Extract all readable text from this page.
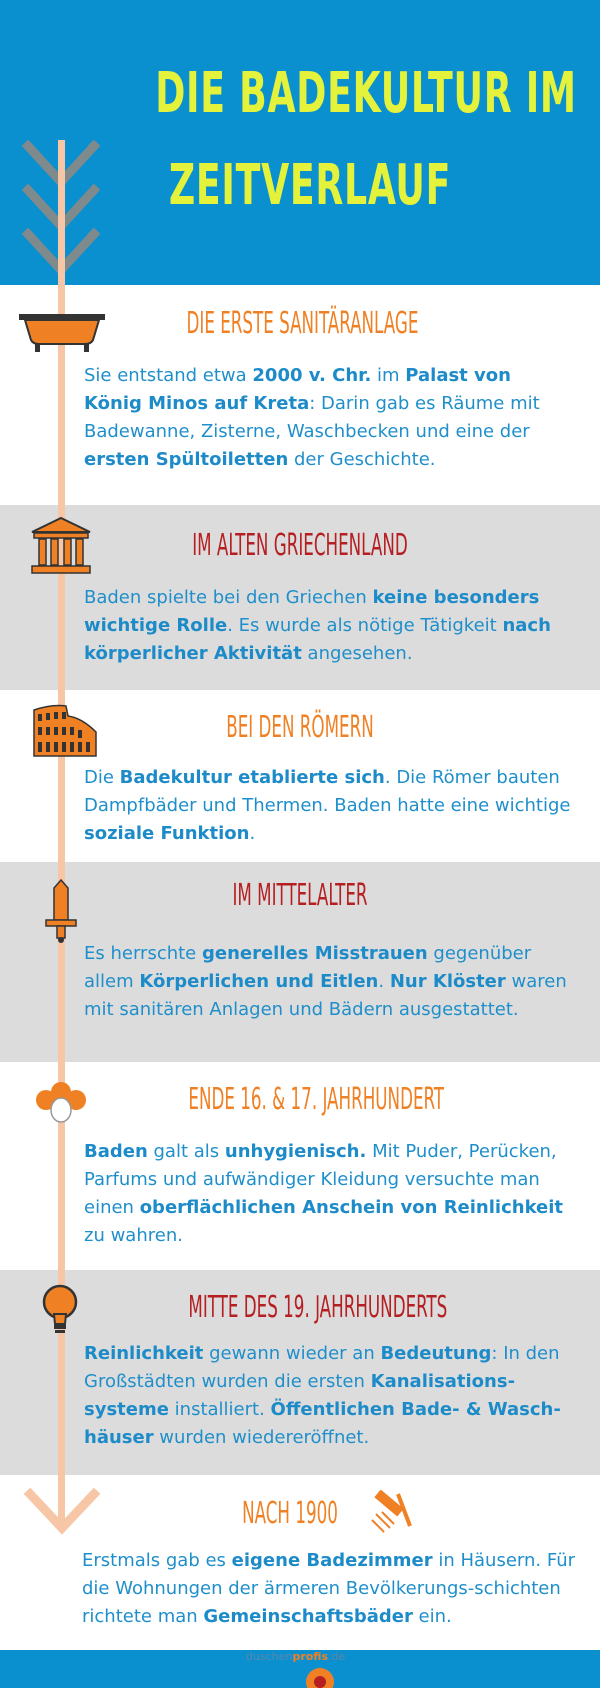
DIE BADEKULTUR IM
ZEITVERLAUF
DIE ERSTE SANITÄRANLAGE
Sie entstand etwa 2000 v. Chr. im Palast von König Minos auf Kreta: Darin gab es Räume mit Badewanne, Zisterne, Waschbecken und eine der ersten Spültoiletten der Geschichte.
IM ALTEN GRIECHENLAND
Baden spielte bei den Griechen keine besonders wichtige Rolle. Es wurde als nötige Tätigkeit nach körperlicher Aktivität angesehen.
BEI DEN RÖMERN
Die Badekultur etablierte sich. Die Römer bauten Dampfbäder und Thermen. Baden hatte eine wichtige soziale Funktion.
IM MITTELALTER
Es herrschte generelles Misstrauen gegenüber allem Körperlichen und Eitlen. Nur Klöster waren mit sanitären Anlagen und Bädern ausgestattet.
ENDE 16. & 17. JAHRHUNDERT
Baden galt als unhygienisch. Mit Puder, Perücken, Parfums und aufwändiger Kleidung versuchte man einen oberflächlichen Anschein von Reinlichkeit zu wahren.
MITTE DES 19. JAHRHUNDERTS
Reinlichkeit gewann wieder an Bedeutung: In den Großstädten wurden die ersten Kanalisations-systeme installiert. Öffentlichen Bade- & Wasch-häuser wurden wiedereröffnet.
NACH 1900
Erstmals gab es eigene Badezimmer in Häusern. Für die Wohnungen der ärmeren Bevölkerungs-schichten richtete man Gemeinschaftsbäder ein.
duschenprofis.de
